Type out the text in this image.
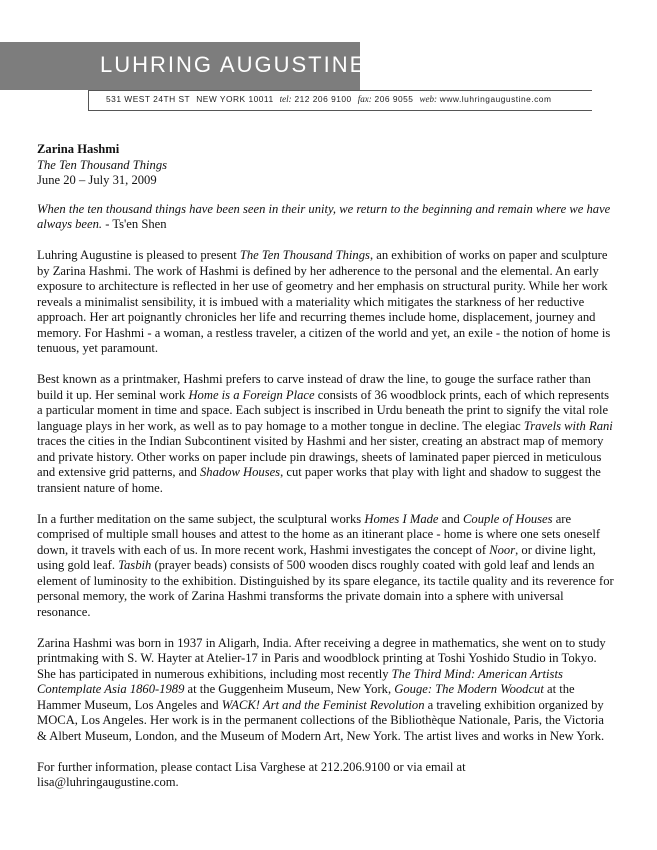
LUHRING AUGUSTINE
531 WEST 24TH ST NEW YORK 10011 tel: 212 206 9100 fax: 206 9055 web: www.luhringaugustine.com

Zarina Hashmi

The Ten Thousand Things

June 20 – July 31, 2009

When the ten thousand things have been seen in their unity, we return to the beginning and remain where we have always been. - Ts'en Shen

Luhring Augustine is pleased to present The Ten Thousand Things, an exhibition of works on paper and sculpture by Zarina Hashmi. The work of Hashmi is defined by her adherence to the personal and the elemental. An early exposure to architecture is reflected in her use of geometry and her emphasis on structural purity. While her work reveals a minimalist sensibility, it is imbued with a materiality which mitigates the starkness of her reductive approach. Her art poignantly chronicles her life and recurring themes include home, displacement, journey and memory. For Hashmi - a woman, a restless traveler, a citizen of the world and yet, an exile - the notion of home is tenuous, yet paramount.

Best known as a printmaker, Hashmi prefers to carve instead of draw the line, to gouge the surface rather than build it up. Her seminal work Home is a Foreign Place consists of 36 woodblock prints, each of which represents a particular moment in time and space. Each subject is inscribed in Urdu beneath the print to signify the vital role language plays in her work, as well as to pay homage to a mother tongue in decline. The elegiac Travels with Rani traces the cities in the Indian Subcontinent visited by Hashmi and her sister, creating an abstract map of memory and private history. Other works on paper include pin drawings, sheets of laminated paper pierced in meticulous and extensive grid patterns, and Shadow Houses, cut paper works that play with light and shadow to suggest the transient nature of home.

In a further meditation on the same subject, the sculptural works Homes I Made and Couple of Houses are comprised of multiple small houses and attest to the home as an itinerant place - home is where one sets oneself down, it travels with each of us. In more recent work, Hashmi investigates the concept of Noor, or divine light, using gold leaf. Tasbih (prayer beads) consists of 500 wooden discs roughly coated with gold leaf and lends an element of luminosity to the exhibition. Distinguished by its spare elegance, its tactile quality and its reverence for personal memory, the work of Zarina Hashmi transforms the private domain into a sphere with universal resonance.

Zarina Hashmi was born in 1937 in Aligarh, India. After receiving a degree in mathematics, she went on to study printmaking with S. W. Hayter at Atelier-17 in Paris and woodblock printing at Toshi Yoshido Studio in Tokyo. She has participated in numerous exhibitions, including most recently The Third Mind: American Artists Contemplate Asia 1860-1989 at the Guggenheim Museum, New York, Gouge: The Modern Woodcut at the Hammer Museum, Los Angeles and WACK! Art and the Feminist Revolution a traveling exhibition organized by MOCA, Los Angeles. Her work is in the permanent collections of the Bibliothèque Nationale, Paris, the Victoria & Albert Museum, London, and the Museum of Modern Art, New York. The artist lives and works in New York.

For further information, please contact Lisa Varghese at 212.206.9100 or via email at

lisa@luhringaugustine.com.
